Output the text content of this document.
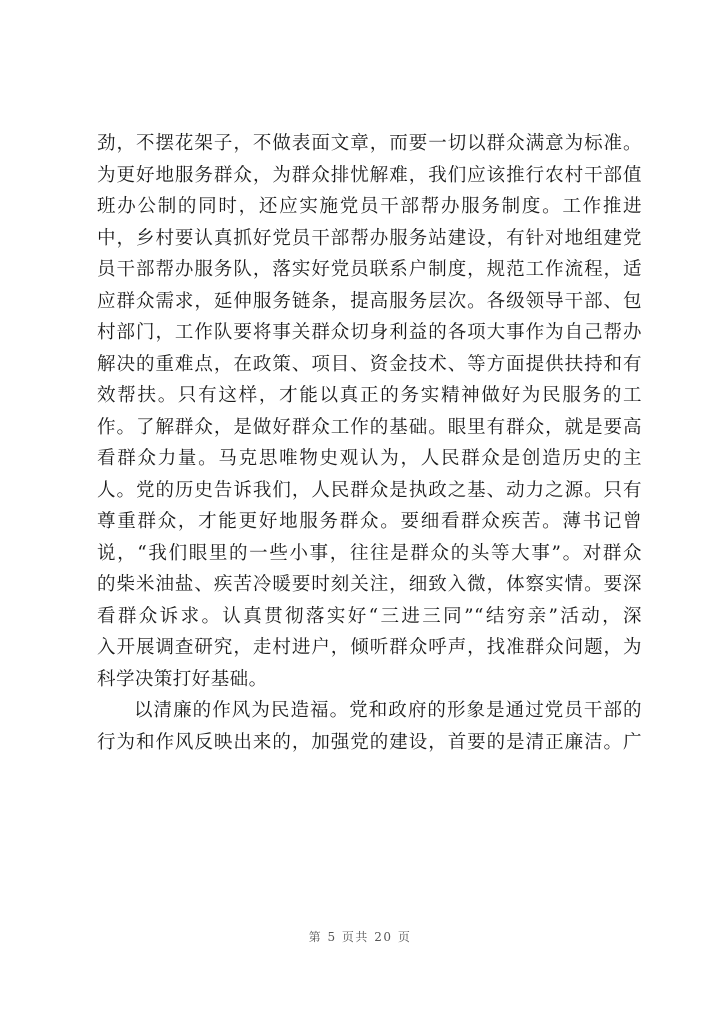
劲，不摆花架子，不做表面文章，而要一切以群众满意为标准。
为更好地服务群众，为群众排忧解难，我们应该推行农村干部值
班办公制的同时，还应实施党员干部帮办服务制度。工作推进
中，乡村要认真抓好党员干部帮办服务站建设，有针对地组建党
员干部帮办服务队，落实好党员联系户制度，规范工作流程，适
应群众需求，延伸服务链条，提高服务层次。各级领导干部、包
村部门，工作队要将事关群众切身利益的各项大事作为自己帮办
解决的重难点，在政策、项目、资金技术、等方面提供扶持和有
效帮扶。只有这样，才能以真正的务实精神做好为民服务的工
作。了解群众，是做好群众工作的基础。眼里有群众，就是要高
看群众力量。马克思唯物史观认为，人民群众是创造历史的主
人。党的历史告诉我们，人民群众是执政之基、动力之源。只有
尊重群众，才能更好地服务群众。要细看群众疾苦。薄书记曾
说，“我们眼里的一些小事，往往是群众的头等大事”。对群众
的柴米油盐、疾苦冷暖要时刻关注，细致入微，体察实情。要深
看群众诉求。认真贯彻落实好“三进三同”“结穷亲”活动，深
入开展调查研究，走村进户，倾听群众呼声，找准群众问题，为
科学决策打好基础。
以清廉的作风为民造福。党和政府的形象是通过党员干部的
行为和作风反映出来的，加强党的建设，首要的是清正廉洁。广
第 5 页共 20 页
